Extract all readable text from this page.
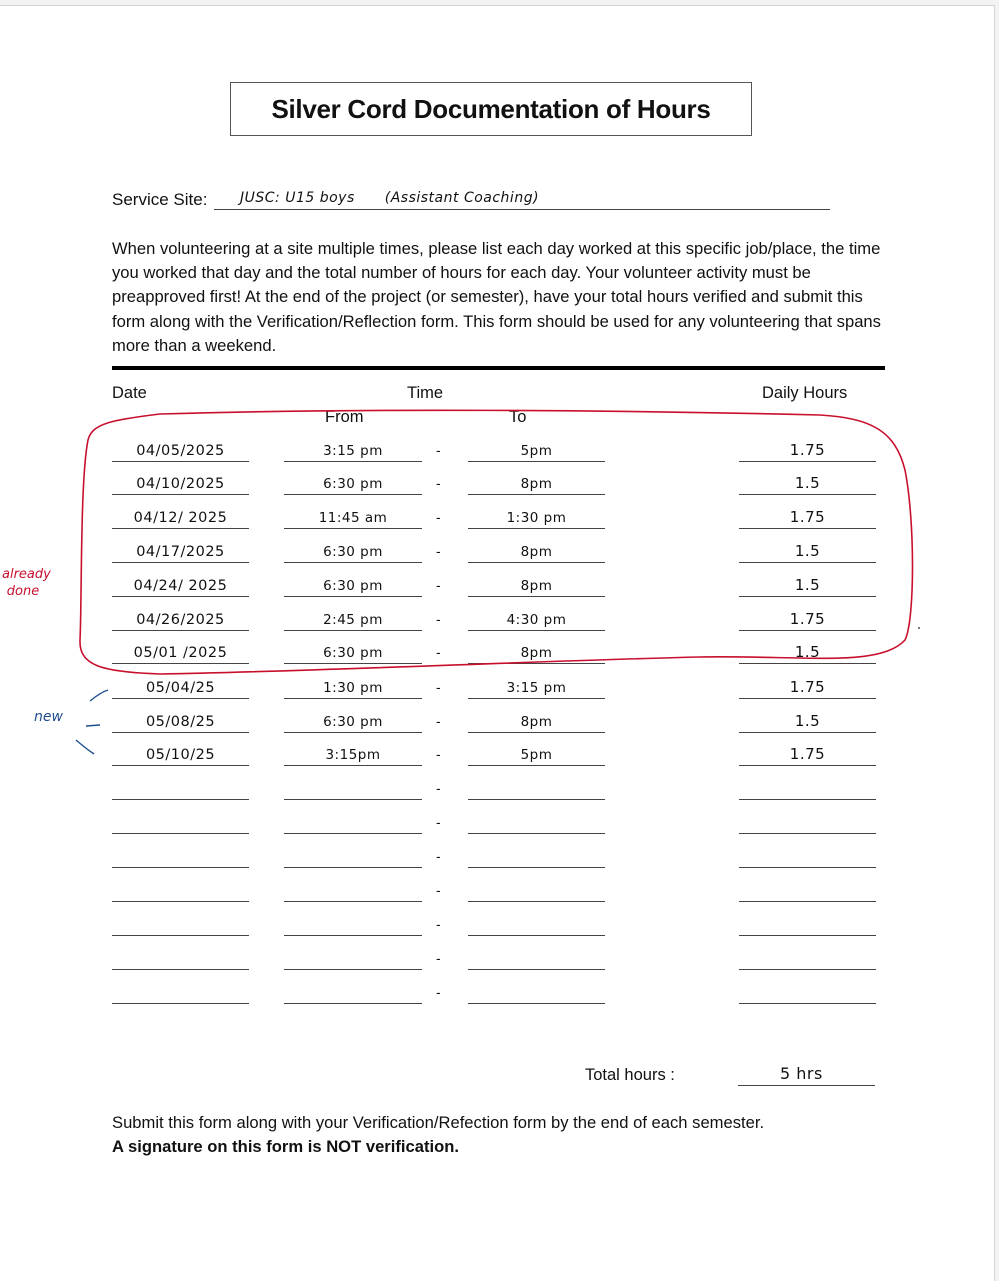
Silver Cord Documentation of Hours
Service Site: JUSC: U15 boys (Assistant Coaching)
When volunteering at a site multiple times, please list each day worked at this specific job/place, the time you worked that day and the total number of hours for each day. Your volunteer activity must be preapproved first! At the end of the project (or semester), have your total hours verified and submit this form along with the Verification/Reflection form. This form should be used for any volunteering that spans more than a weekend.
Date	Time	Daily Hours
From	To
-
04/05/2025	3:15 pm	5pm	1.75
-
04/10/2025	6:30 pm	8pm	1.5
-
04/12/ 2025	11:45 am	1:30 pm	1.75
-
04/17/2025	6:30 pm	8pm	1.5
-
04/24/ 2025	6:30 pm	8pm	1.5
-
04/26/2025	2:45 pm	4:30 pm	1.75
-
05/01 /2025	6:30 pm	8pm	1.5
-
05/04/25	1:30 pm	3:15 pm	1.75
-
05/08/25	6:30 pm	8pm	1.5
-
05/10/25	3:15pm	5pm	1.75
-
-
-
-
-
-
-
Total hours :	5 hrs
Submit this form along with your Verification/Refection form by the end of each semester.
A signature on this form is NOT verification.
already done
new
